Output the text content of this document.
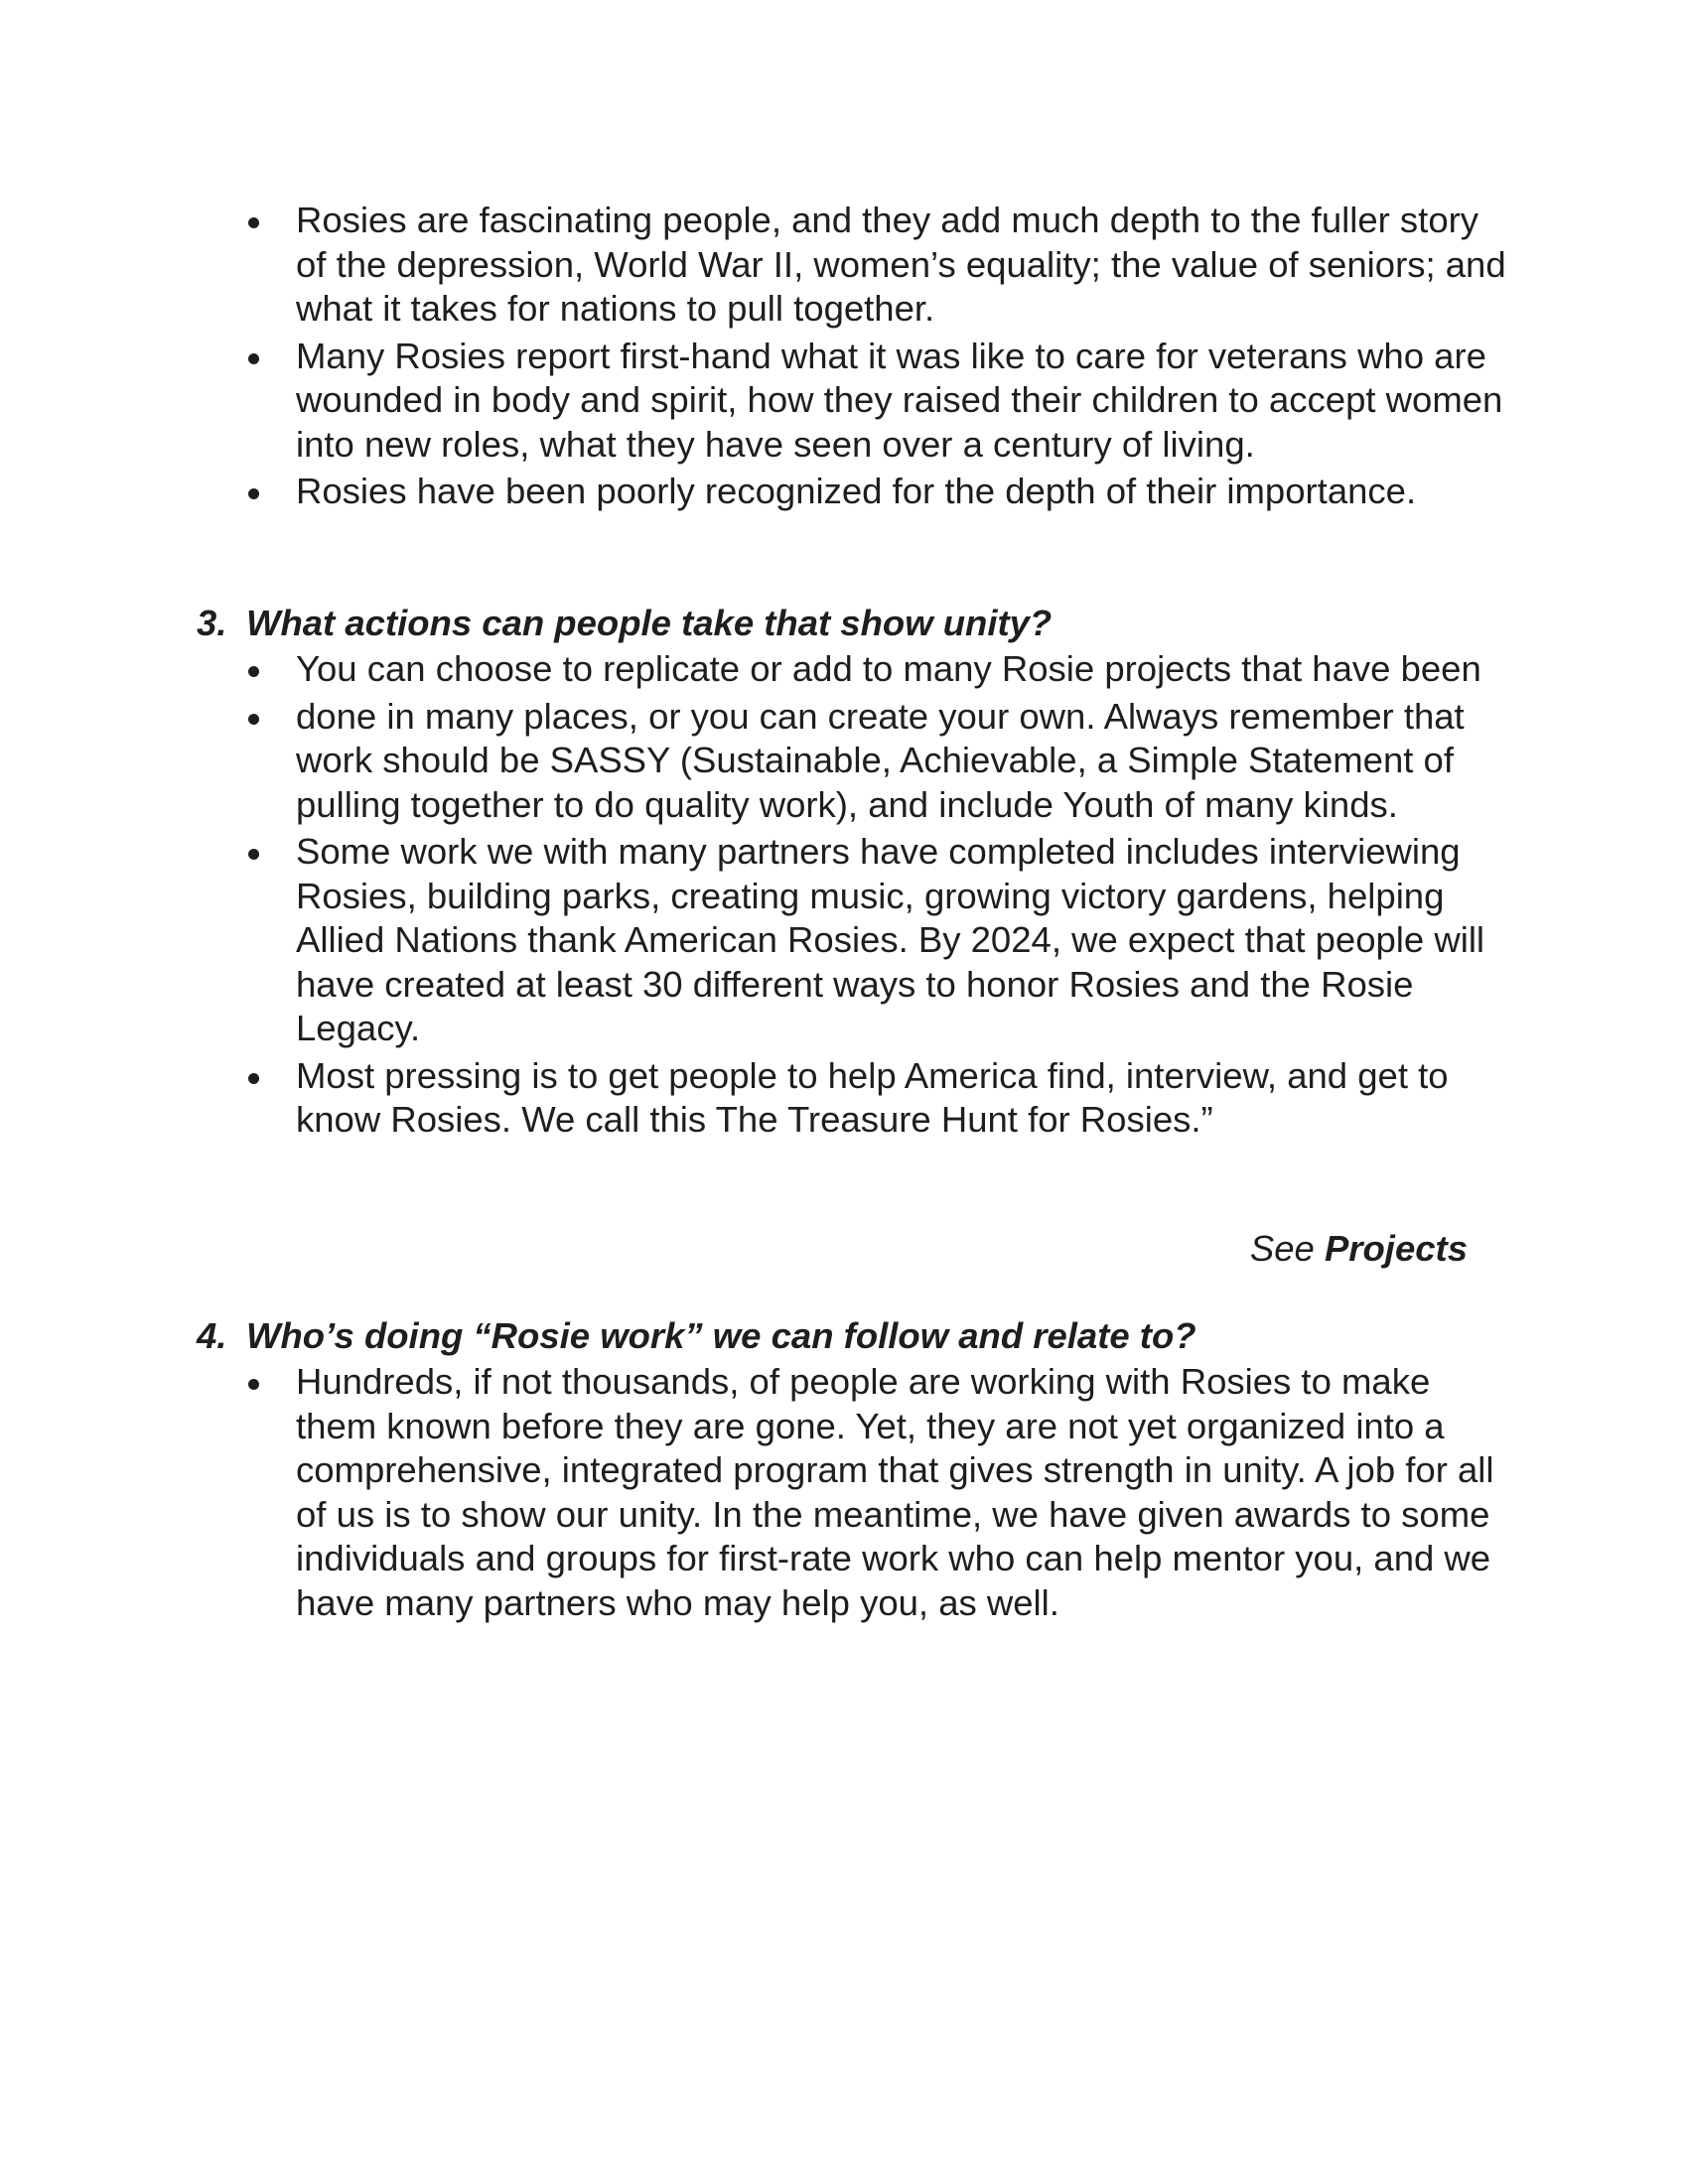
Rosies are fascinating people, and they add much depth to the fuller story of the depression, World War II, women’s equality; the value of seniors; and what it takes for nations to pull together.
Many Rosies report first-hand what it was like to care for veterans who are wounded in body and spirit, how they raised their children to accept women into new roles, what they have seen over a century of living.
Rosies have been poorly recognized for the depth of their importance.
3. What actions can people take that show unity?
You can choose to replicate or add to many Rosie projects that have been
done in many places, or you can create your own. Always remember that work should be SASSY (Sustainable, Achievable, a Simple Statement of pulling together to do quality work), and include Youth of many kinds.
Some work we with many partners have completed includes interviewing Rosies, building parks, creating music, growing victory gardens, helping Allied Nations thank American Rosies. By 2024, we expect that people will have created at least 30 different ways to honor Rosies and the Rosie Legacy.
Most pressing is to get people to help America find, interview, and get to know Rosies. We call this The Treasure Hunt for Rosies.”
See Projects
4. Who’s doing “Rosie work” we can follow and relate to?
Hundreds, if not thousands, of people are working with Rosies to make them known before they are gone. Yet, they are not yet organized into a comprehensive, integrated program that gives strength in unity. A job for all of us is to show our unity. In the meantime, we have given awards to some individuals and groups for first-rate work who can help mentor you, and we have many partners who may help you, as well.
